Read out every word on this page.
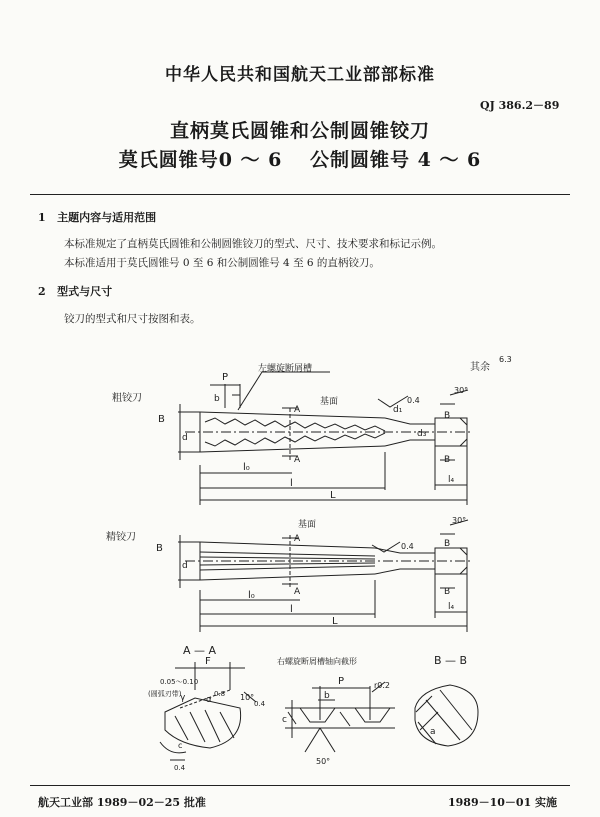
中华人民共和国航天工业部部标准
QJ 386.2－89
直柄莫氏圆锥和公制圆锥铰刀
莫氏圆锥号0 ～ 6　 公制圆锥号 4 ～ 6
1 主题内容与适用范围
本标准规定了直柄莫氏圆锥和公制圆锥铰刀的型式、尺寸、技术要求和标记示例。
本标准适用于莫氏圆锥号 0 至 6 和公制圆锥号 4 至 6 的直柄铰刀。
2 型式与尺寸
铰刀的型式和尺寸按图和表。
粗铰刀
精铰刀
左螺旋断屑槽	其余
6.3
基面
基面
30°
30°
P
b
B
B
d
d
d₁
d₃
0.4
0.4
A
A
A
A
B
B
B
B
l₀
l
L
l₄
l₀
l
L
l₄
A — A
F
0.05～0.10
(圆弧刃带)
γ α	10°
0.4
0.8
0.4
c
右螺旋断屑槽轴向截形
P
b
r0.2
c
50°
B — B
a
航天工业部 1989－02－25 批准	1989－10－01 实施
